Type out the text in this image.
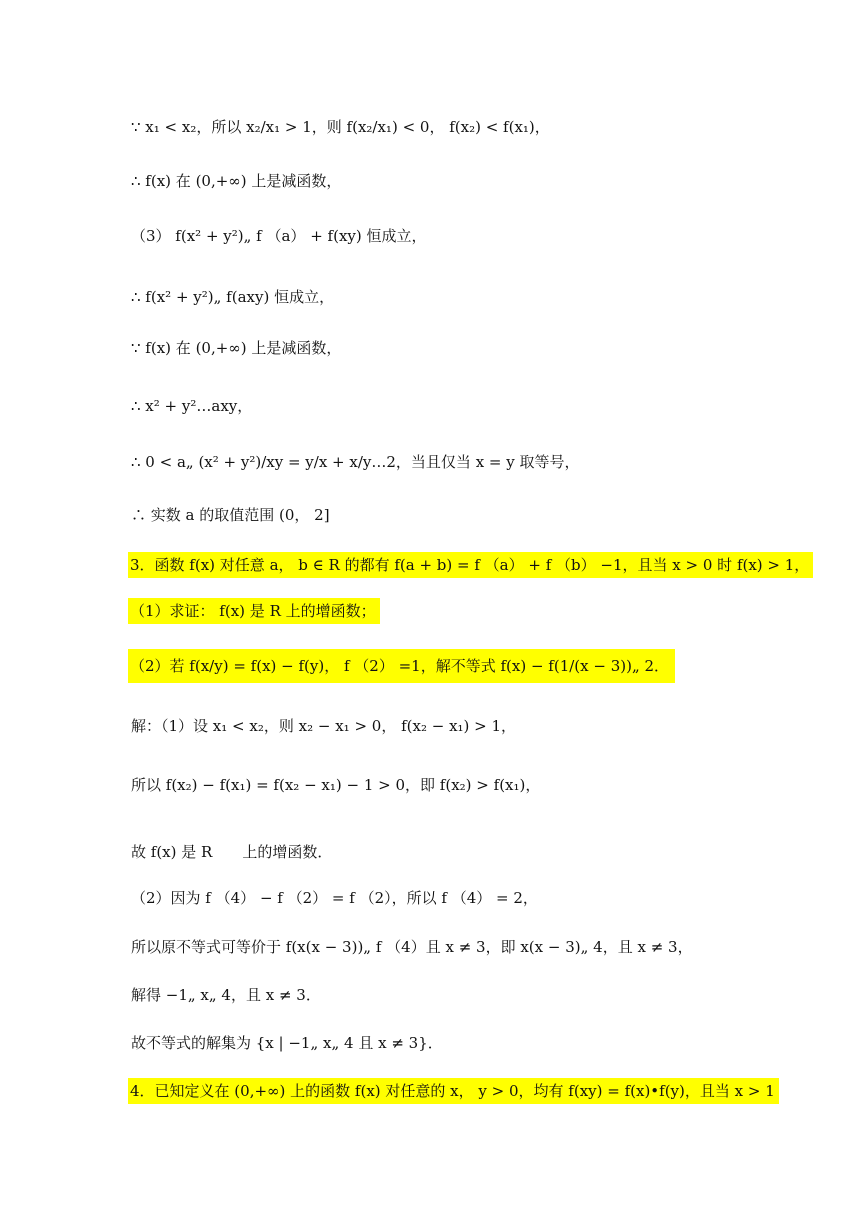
∵ x₁ < x₂，所以 x₂/x₁ > 1，则 f(x₂/x₁) < 0， f(x₂) < f(x₁)，
∴ f(x) 在 (0,+∞) 上是减函数，
（3） f(x² + y²)„ f （a） + f(xy) 恒成立，
∴ f(x² + y²)„ f(axy) 恒成立，
∵ f(x) 在 (0,+∞) 上是减函数，
∴ x² + y²…axy，
∴ 0 < a„ (x² + y²)/xy = y/x + x/y…2，当且仅当 x = y 取等号，
∴ 实数 a 的取值范围 (0， 2]
3．函数 f(x) 对任意 a， b ∈ R 的都有 f(a + b) = f （a） + f （b） −1，且当 x > 0 时 f(x) > 1，
（1）求证： f(x) 是 R 上的增函数；
（2）若 f(x/y) = f(x) − f(y)， f （2） =1，解不等式 f(x) − f(1/(x − 3))„ 2．
解：（1）设 x₁ < x₂，则 x₂ − x₁ > 0， f(x₂ − x₁) > 1，
所以 f(x₂) − f(x₁) = f(x₂ − x₁) − 1 > 0，即 f(x₂) > f(x₁)，
故 f(x) 是 R　　上的增函数．
（2）因为 f （4） − f （2） = f （2），所以 f （4） = 2，
所以原不等式可等价于 f(x(x − 3))„ f （4）且 x ≠ 3，即 x(x − 3)„ 4，且 x ≠ 3，
解得 −1„ x„ 4，且 x ≠ 3．
故不等式的解集为 {x | −1„ x„ 4 且 x ≠ 3}．
4．已知定义在 (0,+∞) 上的函数 f(x) 对任意的 x， y > 0，均有 f(xy) = f(x)•f(y)，且当 x > 1
